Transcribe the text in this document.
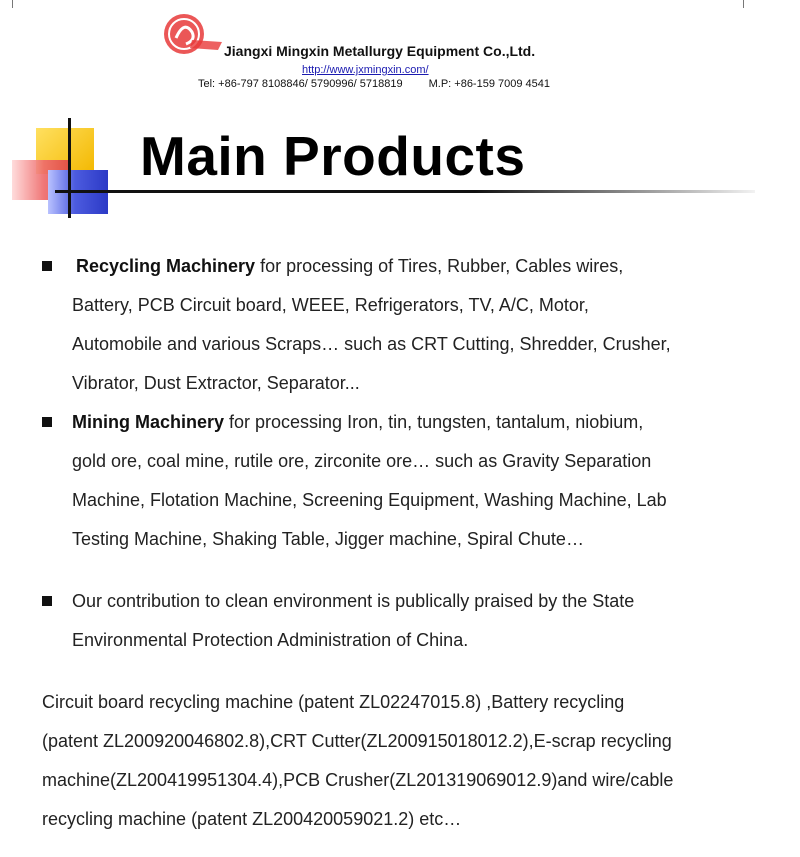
Jiangxi Mingxin Metallurgy Equipment Co.,Ltd.
http://www.jxmingxin.com/
Tel: +86-797 8108846/ 5790996/ 5718819 M.P: +86-159 7009 4541
Main Products
Recycling Machinery for processing of Tires, Rubber, Cables wires,
Battery, PCB Circuit board, WEEE, Refrigerators, TV, A/C, Motor,
Automobile and various Scraps… such as CRT Cutting, Shredder, Crusher,
Vibrator, Dust Extractor, Separator...
Mining Machinery for processing Iron, tin, tungsten, tantalum, niobium,
gold ore, coal mine, rutile ore, zirconite ore… such as Gravity Separation
Machine, Flotation Machine, Screening Equipment, Washing Machine, Lab
Testing Machine, Shaking Table, Jigger machine, Spiral Chute…
Our contribution to clean environment is publically praised by the State
Environmental Protection Administration of China.
Circuit board recycling machine (patent ZL02247015.8) ,Battery recycling
(patent ZL200920046802.8),CRT Cutter(ZL200915018012.2),E-scrap recycling
machine(ZL200419951304.4),PCB Crusher(ZL201319069012.9)and wire/cable
recycling machine (patent ZL200420059021.2) etc…
